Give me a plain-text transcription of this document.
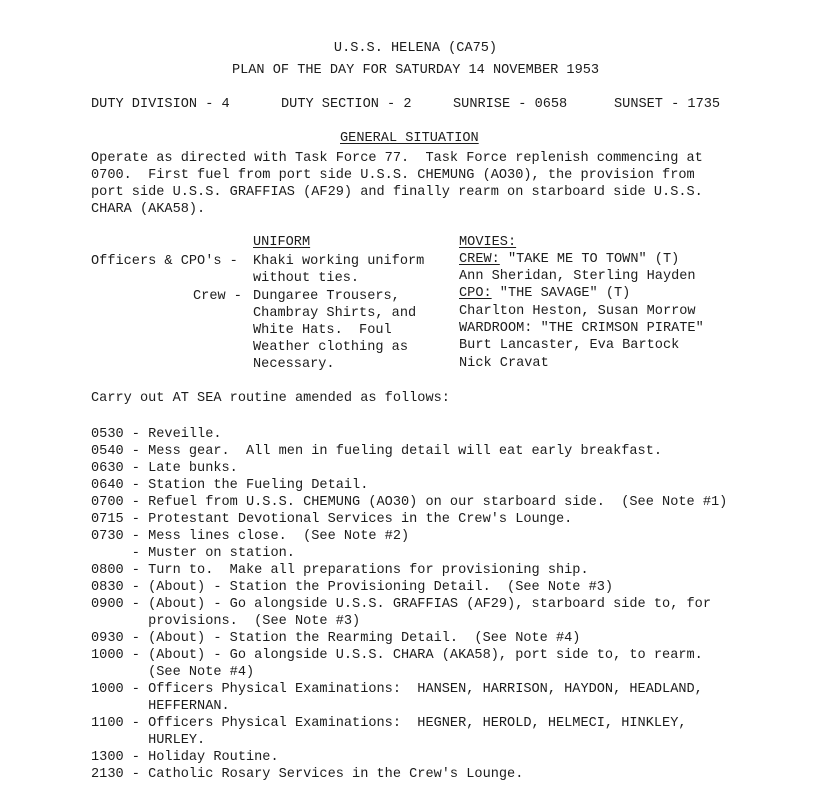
U.S.S. HELENA (CA75)
PLAN OF THE DAY FOR SATURDAY 14 NOVEMBER 1953
DUTY DIVISION - 4	DUTY SECTION - 2	SUNRISE - 0658	SUNSET - 1735
GENERAL SITUATION
Operate as directed with Task Force 77.  Task Force replenish commencing at
0700.  First fuel from port side U.S.S. CHEMUNG (AO30), the provision from
port side U.S.S. GRAFFIAS (AF29) and finally rearm on starboard side U.S.S.
CHARA (AKA58).
UNIFORM
Officers & CPO's - Khaki working uniform
without ties.
Crew - Dungaree Trousers,
Chambray Shirts, and
White Hats.  Foul
Weather clothing as
Necessary.
MOVIES:
CREW: "TAKE ME TO TOWN" (T)
Ann Sheridan, Sterling Hayden
CPO: "THE SAVAGE" (T)
Charlton Heston, Susan Morrow
WARDROOM: "THE CRIMSON PIRATE"
Burt Lancaster, Eva Bartock
Nick Cravat
Carry out AT SEA routine amended as follows:
0530 - Reveille.
0540 - Mess gear.  All men in fueling detail will eat early breakfast.
0630 - Late bunks.
0640 - Station the Fueling Detail.
0700 - Refuel from U.S.S. CHEMUNG (AO30) on our starboard side.  (See Note #1)
0715 - Protestant Devotional Services in the Crew's Lounge.
0730 - Mess lines close.  (See Note #2)
- Muster on station.
0800 - Turn to.  Make all preparations for provisioning ship.
0830 - (About) - Station the Provisioning Detail.  (See Note #3)
0900 - (About) - Go alongside U.S.S. GRAFFIAS (AF29), starboard side to, for
provisions.  (See Note #3)
0930 - (About) - Station the Rearming Detail.  (See Note #4)
1000 - (About) - Go alongside U.S.S. CHARA (AKA58), port side to, to rearm.
(See Note #4)
1000 - Officers Physical Examinations:  HANSEN, HARRISON, HAYDON, HEADLAND,
HEFFERNAN.
1100 - Officers Physical Examinations:  HEGNER, HEROLD, HELMECI, HINKLEY,
HURLEY.
1300 - Holiday Routine.
2130 - Catholic Rosary Services in the Crew's Lounge.
